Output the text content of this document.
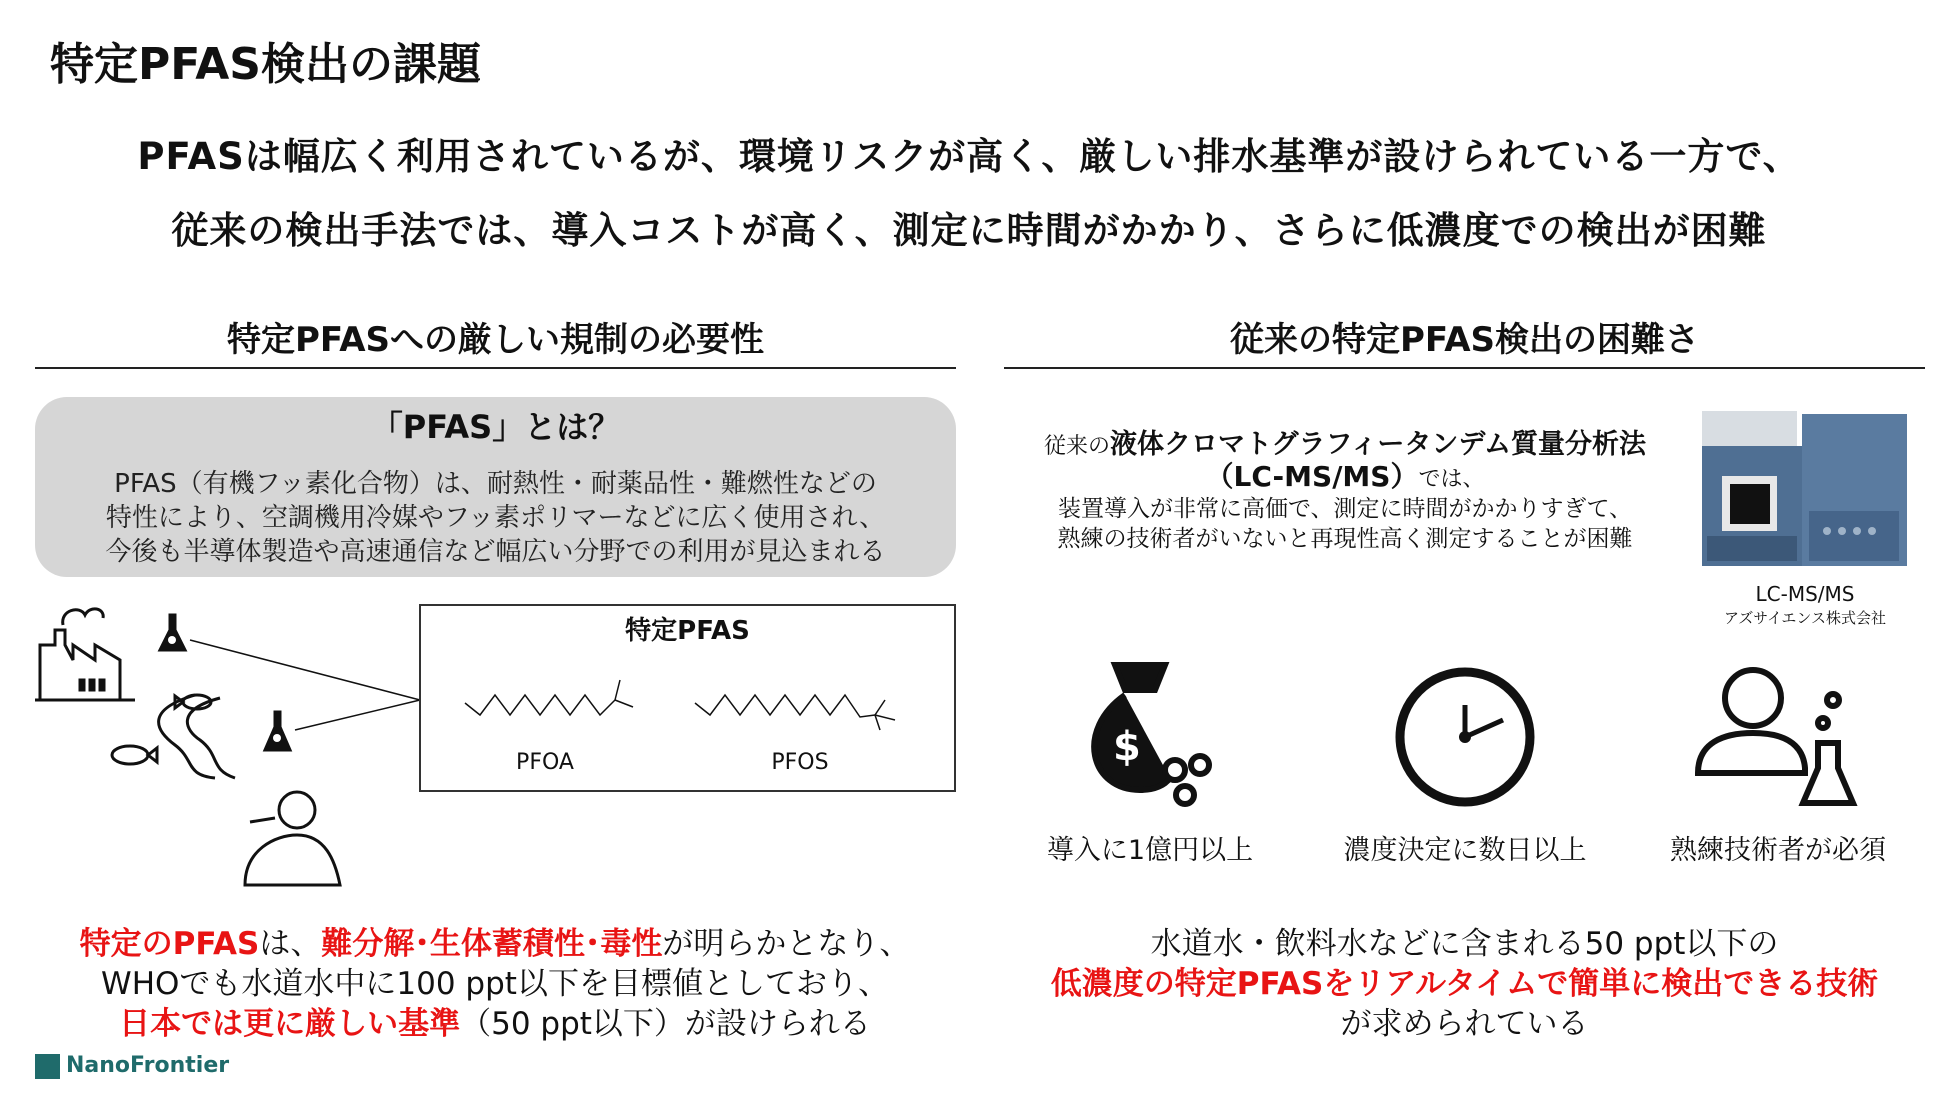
特定PFAS検出の課題
PFASは幅広く利用されているが、環境リスクが高く、厳しい排水基準が設けられている一方で、
従来の検出手法では、導入コストが高く、測定に時間がかかり、さらに低濃度での検出が困難
特定PFASへの厳しい規制の必要性
「PFAS」とは？
PFAS（有機フッ素化合物）は、耐熱性・耐薬品性・難燃性などの
特性により、空調機用冷媒やフッ素ポリマーなどに広く使用され、
今後も半導体製造や高速通信など幅広い分野での利用が見込まれる
特定PFAS
PFOA	PFOS
特定のPFASは、難分解･生体蓄積性･毒性が明らかとなり、
WHOでも水道水中に100 ppt以下を目標値としており、
日本では更に厳しい基準（50 ppt以下）が設けられる
従来の特定PFAS検出の困難さ
従来の液体クロマトグラフィータンデム質量分析法
（LC-MS/MS）では、
装置導入が非常に高価で、測定に時間がかかりすぎて、
熟練の技術者がいないと再現性高く測定することが困難
LC-MS/MS
アズサイエンス株式会社
$
導入に1億円以上	濃度決定に数日以上	熟練技術者が必須
水道水・飲料水などに含まれる50 ppt以下の
低濃度の特定PFASをリアルタイムで簡単に検出できる技術
が求められている
NanoFrontier
